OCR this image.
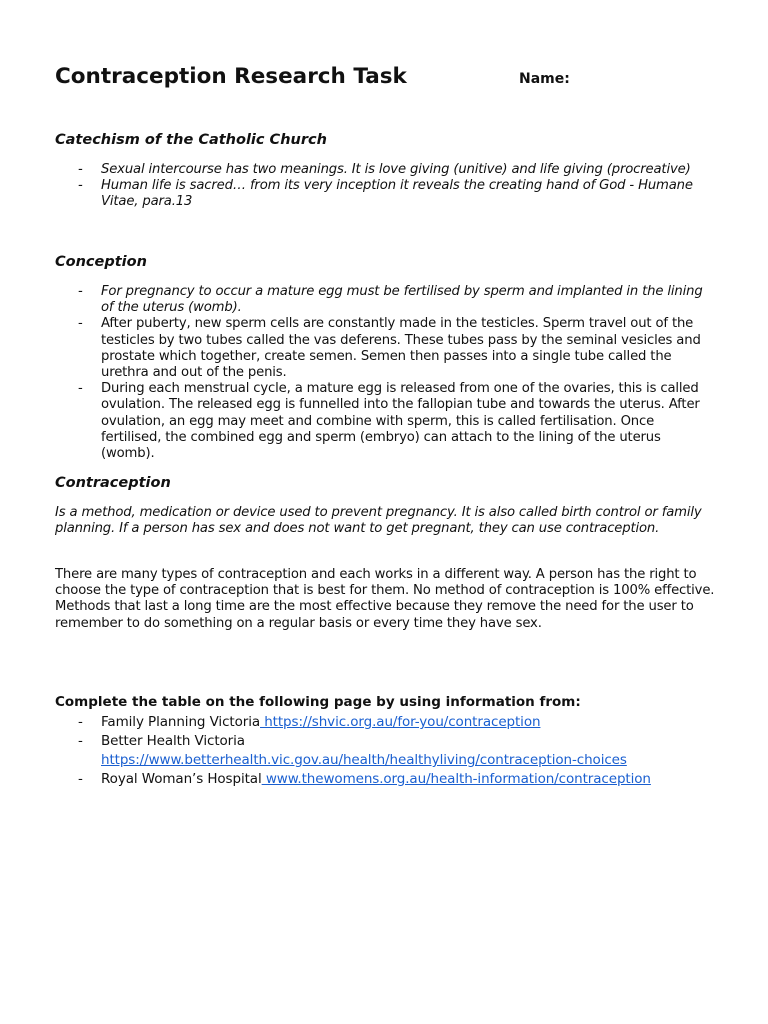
Contraception Research Task	Name:
Catechism of the Catholic Church
- Sexual intercourse has two meanings. It is love giving (unitive) and life giving (procreative)
- Human life is sacred… from its very inception it reveals the creating hand of God - Humane Vitae, para.13
Conception
- For pregnancy to occur a mature egg must be fertilised by sperm and implanted in the lining of the uterus (womb).
- After puberty, new sperm cells are constantly made in the testicles. Sperm travel out of the testicles by two tubes called the vas deferens. These tubes pass by the seminal vesicles and prostate which together, create semen. Semen then passes into a single tube called the urethra and out of the penis.
- During each menstrual cycle, a mature egg is released from one of the ovaries, this is called ovulation. The released egg is funnelled into the fallopian tube and towards the uterus. After ovulation, an egg may meet and combine with sperm, this is called fertilisation. Once fertilised, the combined egg and sperm (embryo) can attach to the lining of the uterus (womb).
Contraception

Is a method, medication or device used to prevent pregnancy. It is also called birth control or family planning. If a person has sex and does not want to get pregnant, they can use contraception.

There are many types of contraception and each works in a different way. A person has the right to choose the type of contraception that is best for them. No method of contraception is 100% effective. Methods that last a long time are the most effective because they remove the need for the user to remember to do something on a regular basis or every time they have sex.

Complete the table on the following page by using information from:

- Family Planning Victoria https://shvic.org.au/for-you/contraception
- Better Health Victoria
https://www.betterhealth.vic.gov.au/health/healthyliving/contraception-choices
- Royal Woman’s Hospital www.thewomens.org.au/health-information/contraception
